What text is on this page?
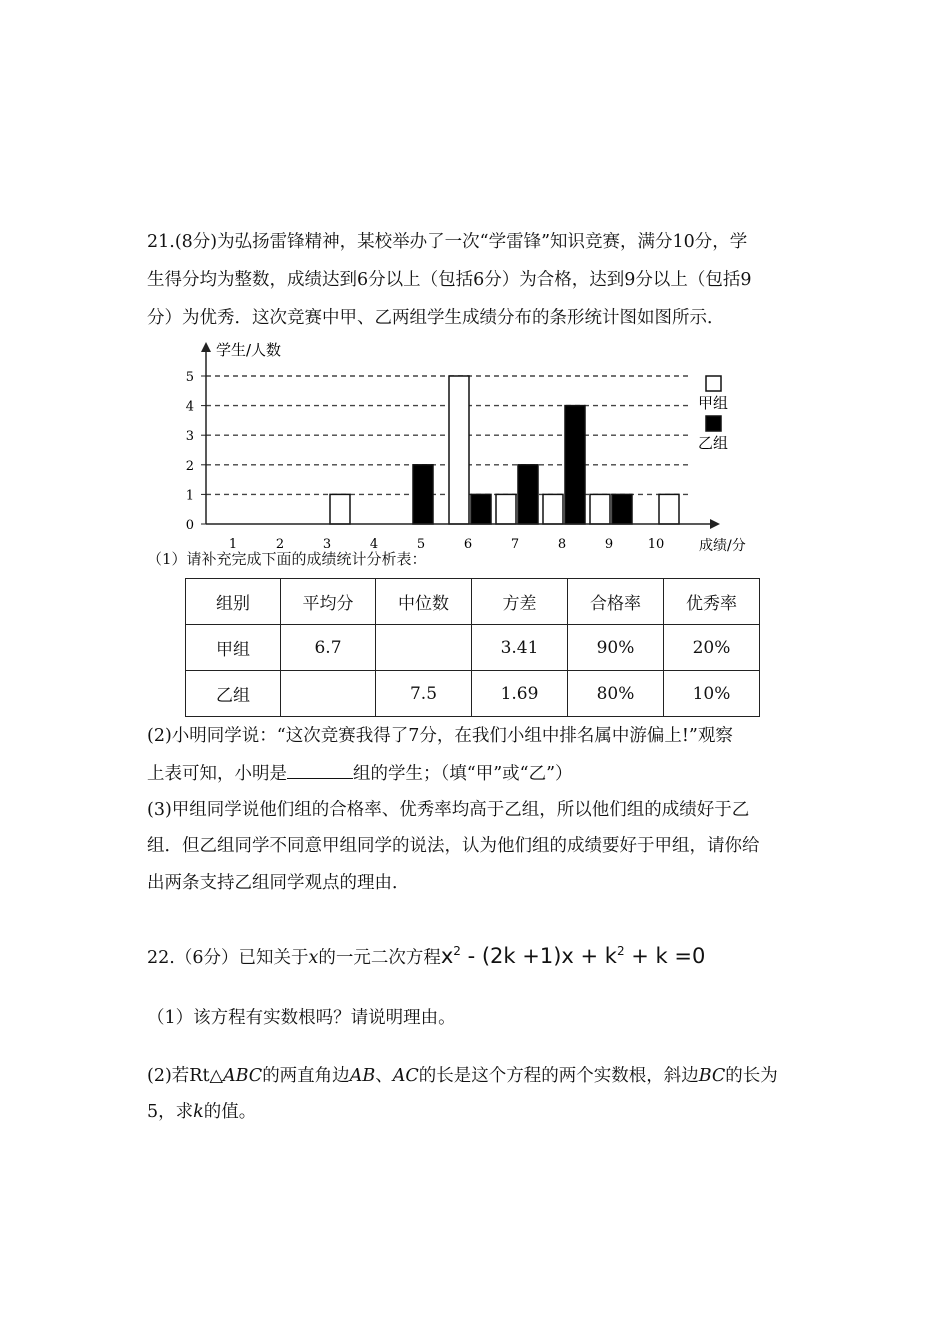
21.(8分)为弘扬雷锋精神，某校举办了一次“学雷锋”知识竞赛，满分10分，学
生得分均为整数，成绩达到6分以上（包括6分）为合格，达到9分以上（包括9
分）为优秀．这次竞赛中甲、乙两组学生成绩分布的条形统计图如图所示．
0
1
2
3
4
5
1	2	3	4	5	6	7	8	9	10
学生/人数
成绩/分
甲组
乙组
（1）请补充完成下面的成绩统计分析表：
组别	平均分	中位数	方差	合格率	优秀率
甲组	6.7		3.41	90%	20%
乙组		7.5	1.69	80%	10%
(2)小明同学说：“这次竞赛我得了7分，在我们小组中排名属中游偏上!”观察
上表可知，小明是	组的学生；（填“甲”或“乙”）
(3)甲组同学说他们组的合格率、优秀率均高于乙组，所以他们组的成绩好于乙
组．但乙组同学不同意甲组同学的说法，认为他们组的成绩要好于甲组，请你给
出两条支持乙组同学观点的理由．
22.（6分）已知关于x的一元二次方程$x^2 - (2k +1)x + k^2 + k =0$
（1）该方程有实数根吗？请说明理由。
(2)若Rt△ABC的两直角边AB、AC的长是这个方程的两个实数根，斜边BC的长为
5，求k的值。
